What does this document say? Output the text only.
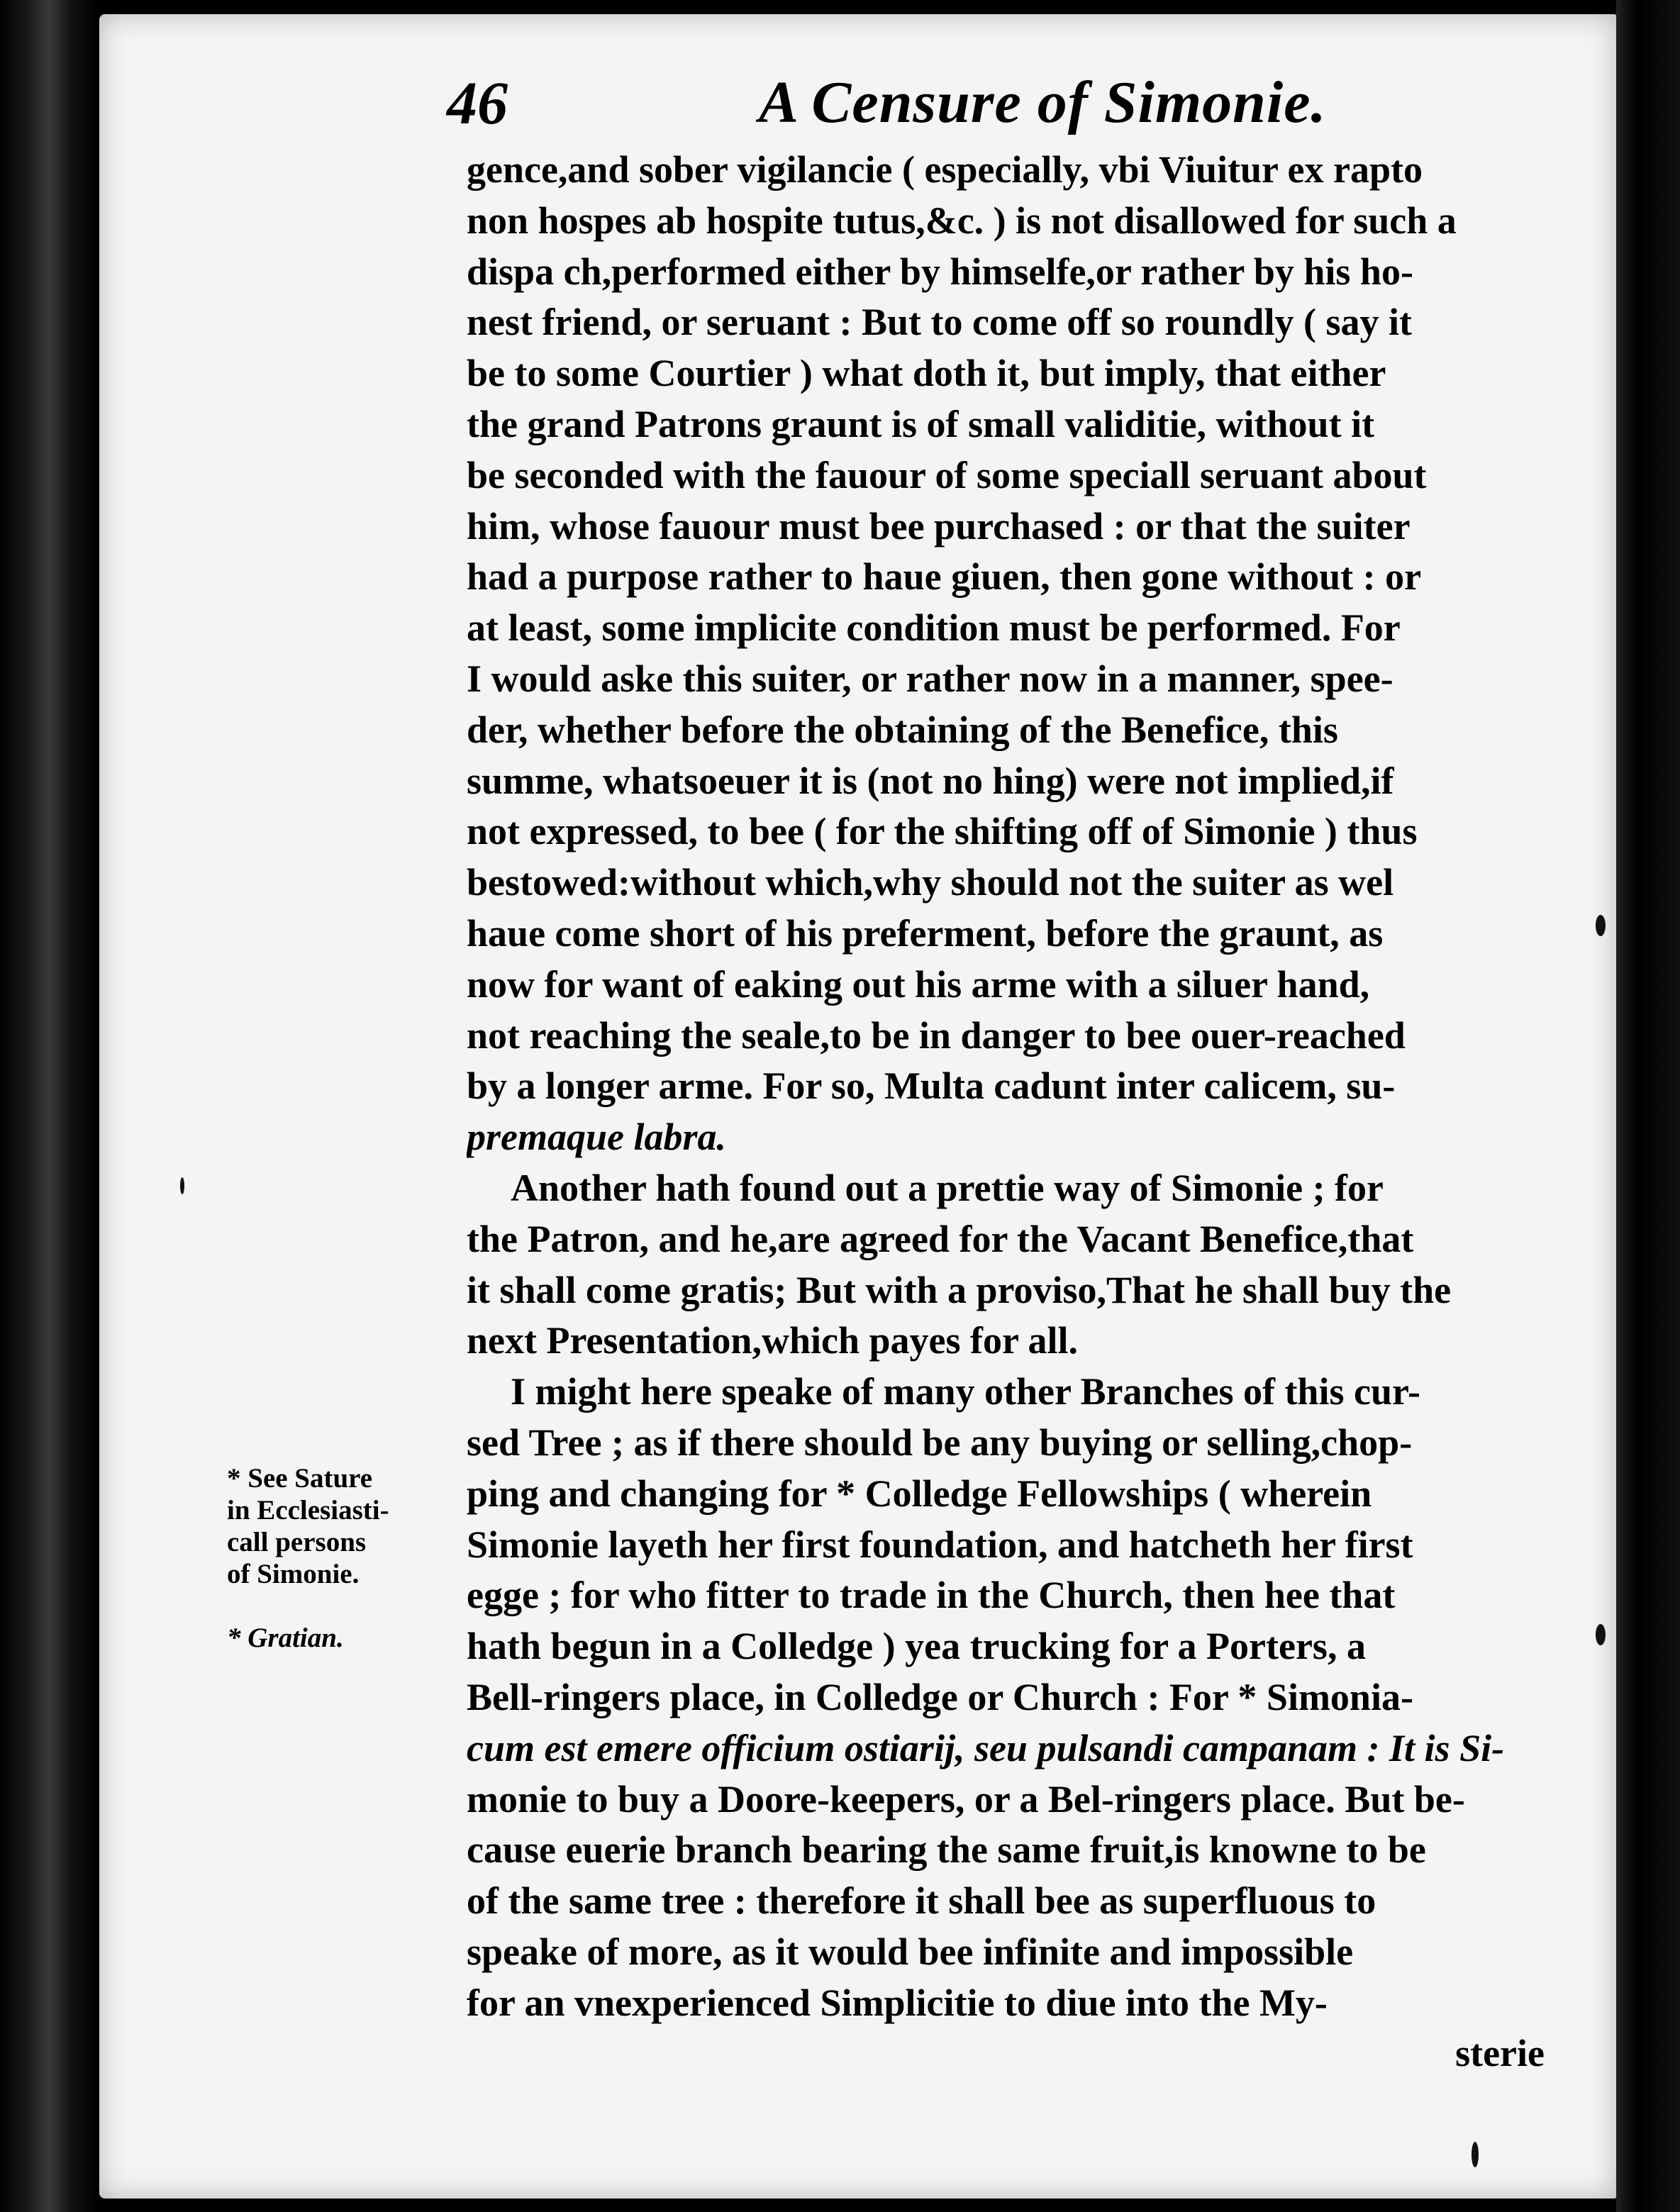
46	A Censure of Simonie.
gence,and sober vigilancie ( especially, vbi Viuitur ex rapto
non hospes ab hospite tutus,&c. ) is not disallowed for such a
dispa ch,performed either by himselfe,or rather by his ho-
nest friend, or seruant : But to come off so roundly ( say it
be to some Courtier ) what doth it, but imply, that either
the grand Patrons graunt is of small validitie, without it
be seconded with the fauour of some speciall seruant about
him, whose fauour must bee purchased : or that the suiter
had a purpose rather to haue giuen, then gone without : or
at least, some implicite condition must be performed. For
I would aske this suiter, or rather now in a manner, spee-
der, whether before the obtaining of the Benefice, this
summe, whatsoeuer it is (not no hing) were not implied,if
not expressed, to bee ( for the shifting off of Simonie ) thus
bestowed:without which,why should not the suiter as wel
haue come short of his preferment, before the graunt, as
now for want of eaking out his arme with a siluer hand,
not reaching the seale,to be in danger to bee ouer-reached
by a longer arme. For so, Multa cadunt inter calicem, su-
premaque labra.
Another hath found out a prettie way of Simonie ; for
the Patron, and he,are agreed for the Vacant Benefice,that
it shall come gratis; But with a proviso,That he shall buy the
next Presentation,which payes for all.
I might here speake of many other Branches of this cur-
sed Tree ; as if there should be any buying or selling,chop-
ping and changing for * Colledge Fellowships ( wherein
Simonie layeth her first foundation, and hatcheth her first
egge ; for who fitter to trade in the Church, then hee that
hath begun in a Colledge ) yea trucking for a Porters, a
Bell-ringers place, in Colledge or Church : For * Simonia-
cum est emere officium ostiarij, seu pulsandi campanam : It is Si-
monie to buy a Doore-keepers, or a Bel-ringers place. But be-
cause euerie branch bearing the same fruit,is knowne to be
of the same tree : therefore it shall bee as superfluous to
speake of more, as it would bee infinite and impossible
for an vnexperienced Simplicitie to diue into the My-
sterie
* See Sature
in Ecclesiasti-
call persons
of Simonie.
* Gratian.
